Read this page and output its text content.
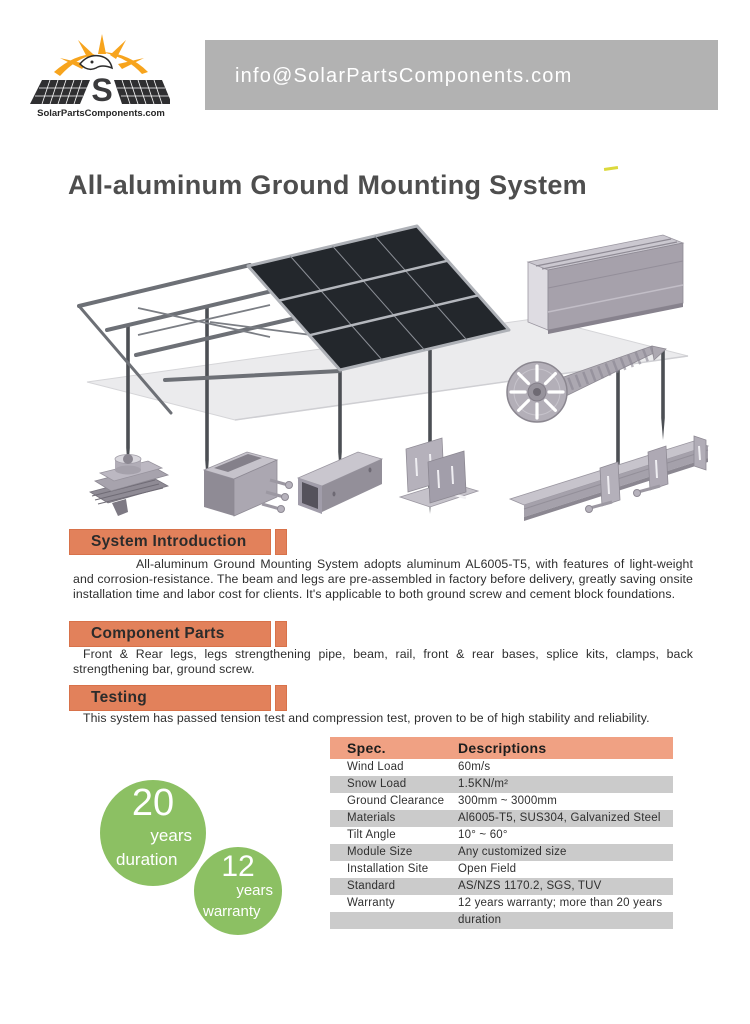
S
SolarPartsComponents.com
info@SolarPartsComponents.com
All-aluminum Ground Mounting System
System Introduction

All-aluminum Ground Mounting System adopts aluminum AL6005-T5, with features of light-weight and corrosion-resistance. The beam and legs are pre-assembled in factory before delivery, greatly saving onsite installation time and labor cost for clients. It's applicable to both ground screw and cement block foundations.

Component Parts

Front & Rear legs, legs strengthening pipe, beam, rail, front & rear bases, splice kits, clamps, back strengthening bar, ground screw.

Testing

This system has passed tension test and compression test, proven to be of high stability and reliability.

Spec.	Descriptions
Wind Load	60m/s
Snow Load	1.5KN/m²
Ground Clearance	300mm ~ 3000mm
Materials	Al6005-T5, SUS304, Galvanized Steel
Tilt Angle	10° ~ 60°
Module Size	Any customized size
Installation Site	Open Field
Standard	AS/NZS 1170.2, SGS, TUV
Warranty	12 years warranty; more than 20 years
duration
20
years
duration	12
years
warranty
